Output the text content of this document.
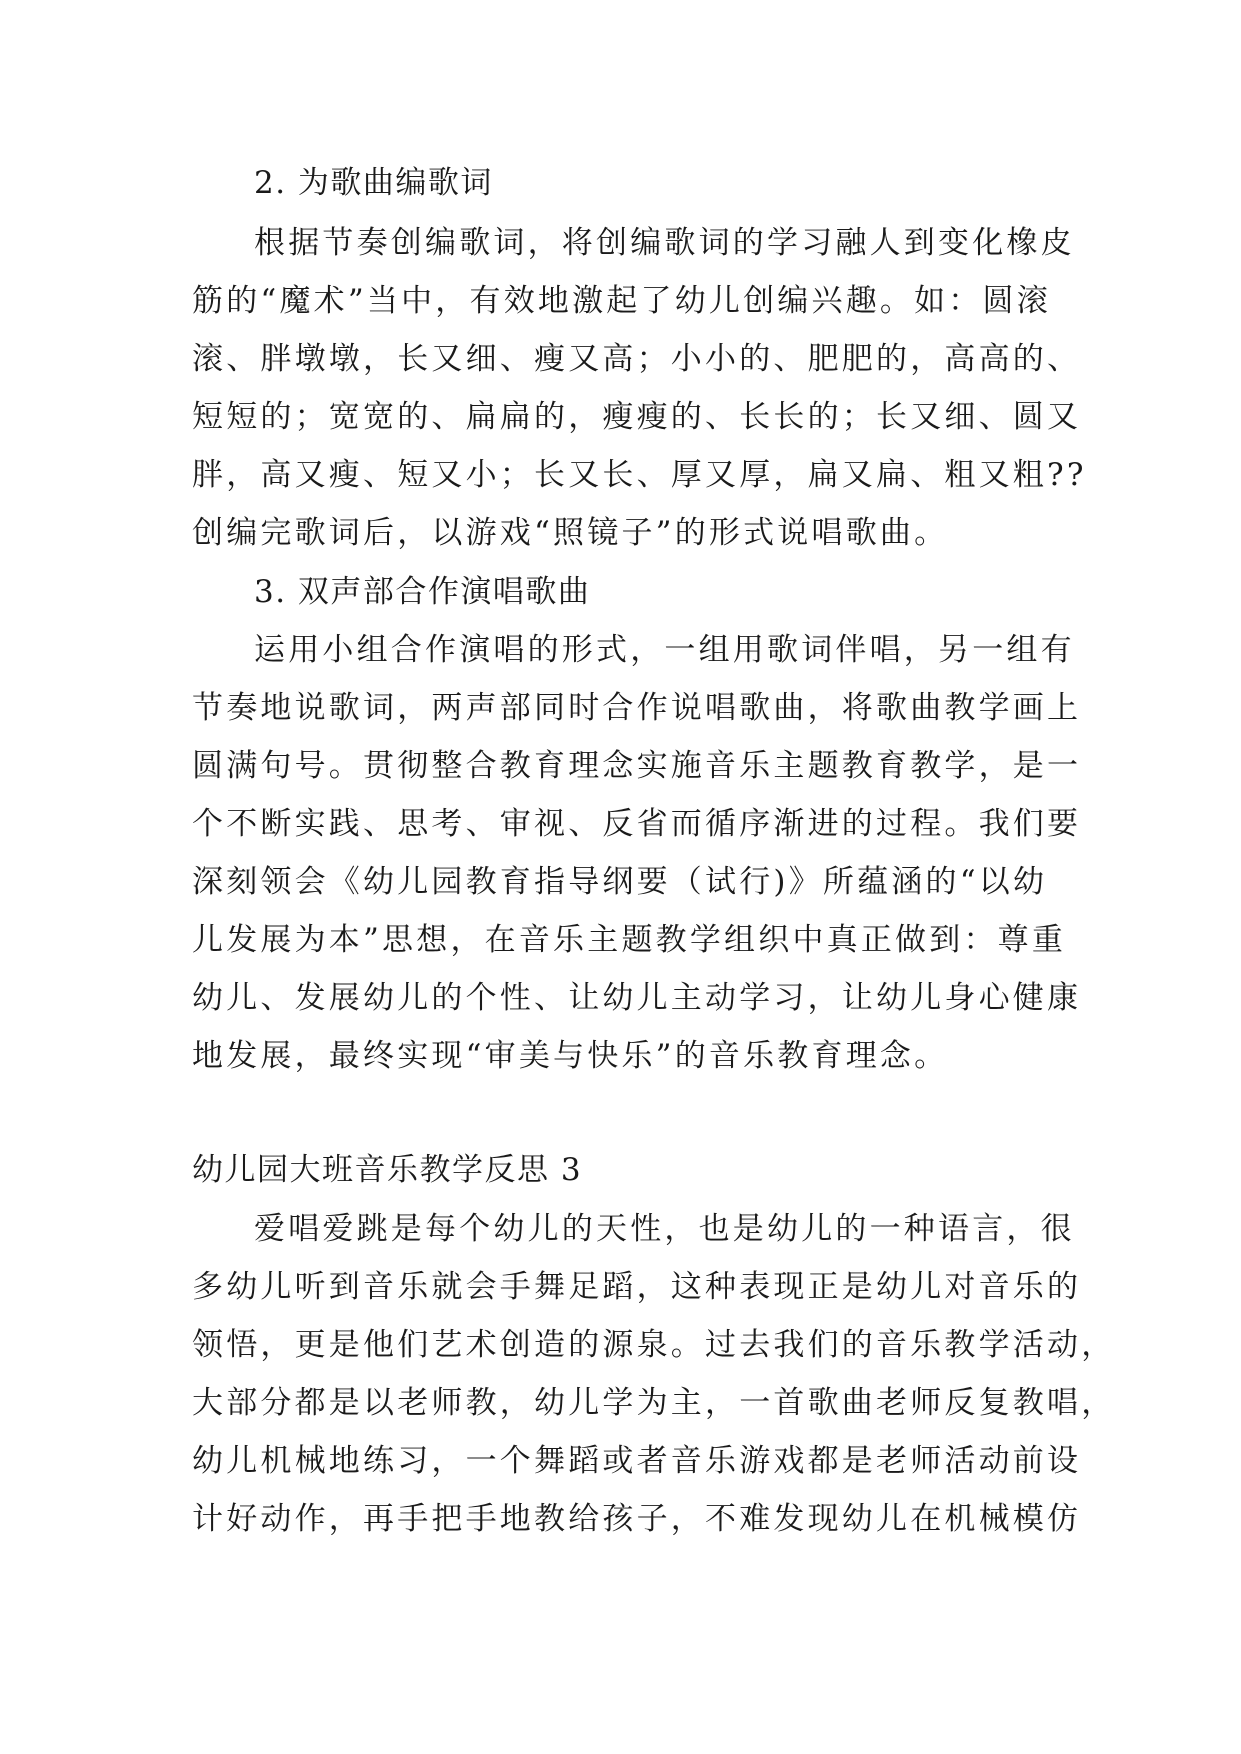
2. 为歌曲编歌词
根据节奏创编歌词，将创编歌词的学习融人到变化橡皮
筋的“魔术”当中，有效地激起了幼儿创编兴趣。如：圆滚
滚、胖墩墩，长又细、瘦又高；小小的、肥肥的，高高的、
短短的；宽宽的、扁扁的，瘦瘦的、长长的；长又细、圆又
胖，高又瘦、短又小；长又长、厚又厚，扁又扁、粗又粗??
创编完歌词后，以游戏“照镜子”的形式说唱歌曲。
3. 双声部合作演唱歌曲
运用小组合作演唱的形式，一组用歌词伴唱，另一组有
节奏地说歌词，两声部同时合作说唱歌曲，将歌曲教学画上
圆满句号。贯彻整合教育理念实施音乐主题教育教学，是一
个不断实践、思考、审视、反省而循序渐进的过程。我们要
深刻领会《幼儿园教育指导纲要（试行)》所蕴涵的“以幼
儿发展为本”思想，在音乐主题教学组织中真正做到：尊重
幼儿、发展幼儿的个性、让幼儿主动学习，让幼儿身心健康
地发展，最终实现“审美与快乐”的音乐教育理念。
幼儿园大班音乐教学反思 3
爱唱爱跳是每个幼儿的天性，也是幼儿的一种语言，很
多幼儿听到音乐就会手舞足蹈，这种表现正是幼儿对音乐的
领悟，更是他们艺术创造的源泉。过去我们的音乐教学活动，
大部分都是以老师教，幼儿学为主，一首歌曲老师反复教唱，
幼儿机械地练习，一个舞蹈或者音乐游戏都是老师活动前设
计好动作，再手把手地教给孩子，不难发现幼儿在机械模仿
